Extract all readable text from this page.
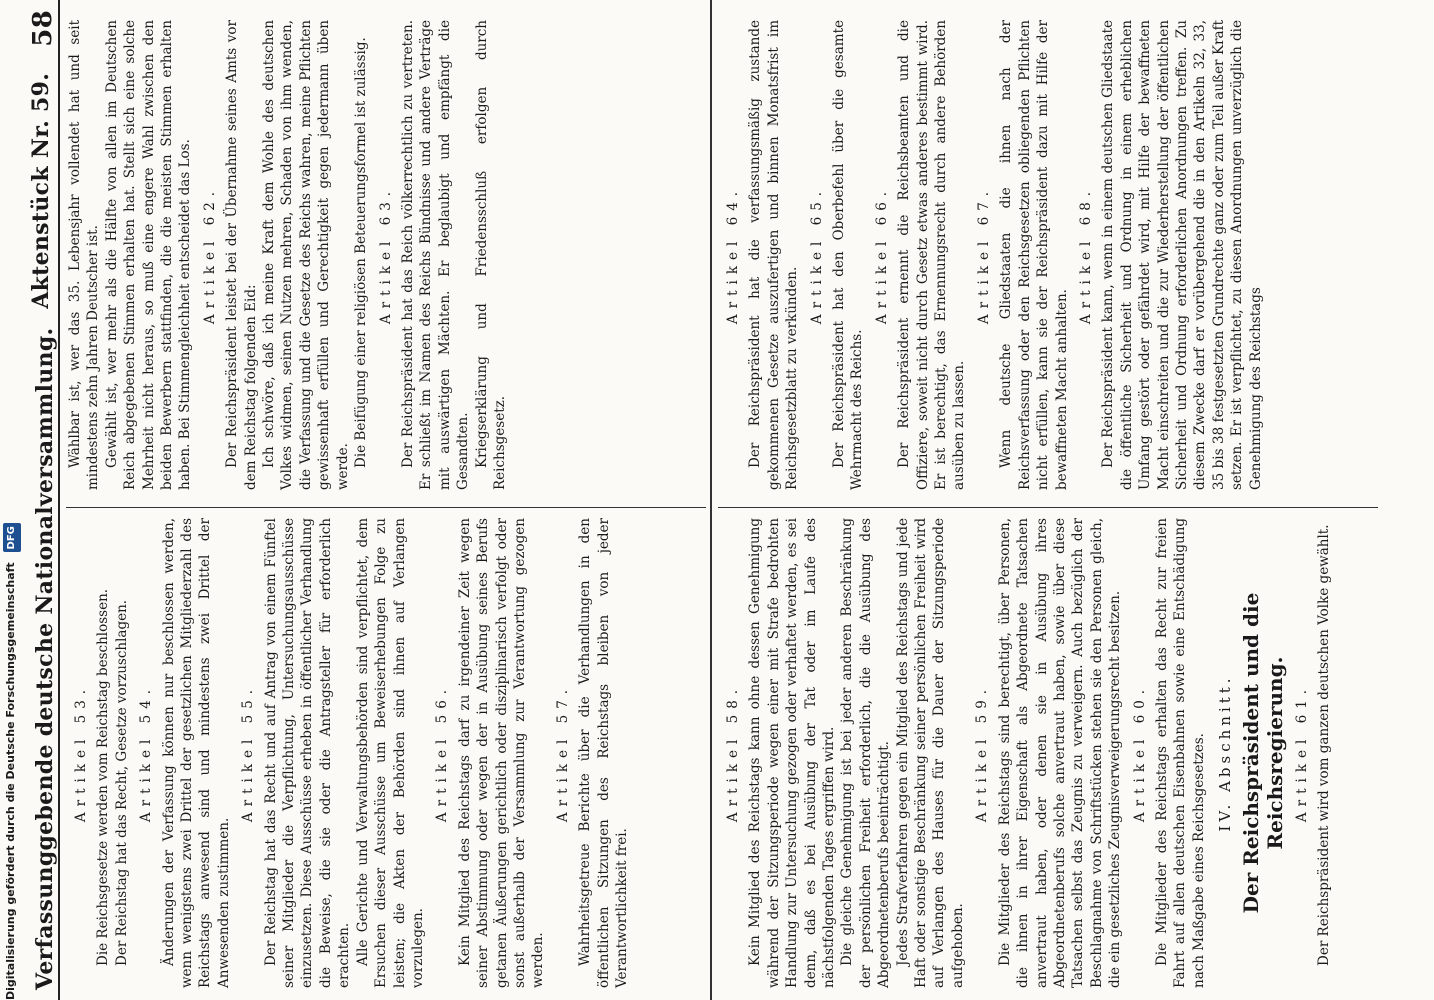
Digitalisierung gefördert durch die Deutsche Forschungsgemeinschaft DFG Verfassunggebende deutsche Nationalversammlung.
Aktenstück Nr. 59.
58
Artikel 53. Die Reichsgesetze werden vom Reichstag beschlossen. Der Reichstag hat das Recht, Gesetze vorzuschlagen. Artikel 54. Änderungen der Verfassung können nur beschlossen werden, wenn wenigstens zwei Drittel der gesetzlichen Mitgliederzahl des Reichstags anwesend sind und mindestens zwei Drittel der Anwesenden zustimmen.

Artikel 55. Der Reichstag hat das Recht und auf Antrag von einem Fünftel seiner Mitglieder die Verpflichtung, Untersuchungsausschüsse einzusetzen. Diese Ausschüsse erheben in öffentlicher Verhandlung die Beweise, die sie oder die Antragsteller für erforderlich erachten. Alle Gerichte und Verwaltungsbehörden sind verpflichtet, dem Ersuchen dieser Ausschüsse um Beweiserhebungen Folge zu leisten; die Akten der Behörden sind ihnen auf Verlangen vorzulegen.

Artikel 56. Kein Mitglied des Reichstags darf zu irgendeiner Zeit wegen seiner Abstimmung oder wegen der in Ausübung seines Berufs getanen Äußerungen gerichtlich oder disziplinarisch verfolgt oder sonst außerhalb der Versammlung zur Verantwortung gezogen werden.

Artikel 57. Wahrheitsgetreue Berichte über die Verhandlungen in den öffentlichen Sitzungen des Reichstags bleiben von jeder Verantwortlichkeit frei.

Wählbar ist, wer das 35. Lebensjahr vollendet hat und seit mindestens zehn Jahren Deutscher ist. Gewählt ist, wer mehr als die Hälfte von allen im Deutschen Reich abgegebenen Stimmen erhalten hat. Stellt sich eine solche Mehrheit nicht heraus, so muß eine engere Wahl zwischen den beiden Bewerbern stattfinden, die die meisten Stimmen erhalten haben. Bei Stimmengleichheit entscheidet das Los. Artikel 62. Der Reichspräsident leistet bei der Übernahme seines Amts vor dem Reichstag folgenden Eid: Ich schwöre, daß ich meine Kraft dem Wohle des deutschen Volkes widmen, seinen Nutzen mehren, Schaden von ihm wenden, die Verfassung und die Gesetze des Reichs wahren, meine Pflichten gewissenhaft erfüllen und Gerechtigkeit gegen jedermann üben werde. Die Beifügung einer religiösen Beteuerungsformel ist zulässig. Artikel 63. Der Reichspräsident hat das Reich völkerrechtlich zu vertreten. Er schließt im Namen des Reichs Bündnisse und andere Verträge mit auswärtigen Mächten. Er beglaubigt und empfängt die Gesandten. Kriegserklärung und Friedensschluß erfolgen durch Reichsgesetz.

Artikel 58. Kein Mitglied des Reichstags kann ohne dessen Genehmigung während der Sitzungsperiode wegen einer mit Strafe bedrohten Handlung zur Untersuchung gezogen oder verhaftet werden, es sei denn, daß es bei Ausübung der Tat oder im Laufe des nächstfolgenden Tages ergriffen wird. Die gleiche Genehmigung ist bei jeder anderen Beschränkung der persönlichen Freiheit erforderlich, die die Ausübung des Abgeordnetenberufs beeinträchtigt. Jedes Strafverfahren gegen ein Mitglied des Reichstags und jede Haft oder sonstige Beschränkung seiner persönlichen Freiheit wird auf Verlangen des Hauses für die Dauer der Sitzungsperiode aufgehoben.

Artikel 59. Die Mitglieder des Reichstags sind berechtigt, über Personen, die ihnen in ihrer Eigenschaft als Abgeordnete Tatsachen anvertraut haben, oder denen sie in Ausübung ihres Abgeordnetenberufs solche anvertraut haben, sowie über diese Tatsachen selbst das Zeugnis zu verweigern. Auch bezüglich der Beschlagnahme von Schriftstücken stehen sie den Personen gleich, die ein gesetzliches Zeugnisverweigerungsrecht besitzen. Artikel 60. Die Mitglieder des Reichstags erhalten das Recht zur freien Fahrt auf allen deutschen Eisenbahnen sowie eine Entschädigung nach Maßgabe eines Reichsgesetzes. IV. Abschnitt. Der Reichspräsident und die Reichsregierung. Artikel 61. Der Reichspräsident wird vom ganzen deutschen Volke gewählt.

Artikel 64. Der Reichspräsident hat die verfassungsmäßig zustande gekommenen Gesetze auszufertigen und binnen Monatsfrist im Reichsgesetzblatt zu verkünden.

Artikel 65. Der Reichspräsident hat den Oberbefehl über die gesamte Wehrmacht des Reichs.

Artikel 66. Der Reichspräsident ernennt die Reichsbeamten und die Offiziere, soweit nicht durch Gesetz etwas anderes bestimmt wird. Er ist berechtigt, das Ernennungsrecht durch andere Behörden ausüben zu lassen.

Artikel 67. Wenn deutsche Gliedstaaten die ihnen nach der Reichsverfassung oder den Reichsgesetzen obliegenden Pflichten nicht erfüllen, kann sie der Reichspräsident dazu mit Hilfe der bewaffneten Macht anhalten.

Artikel 68. Der Reichspräsident kann, wenn in einem deutschen Gliedstaate die öffentliche Sicherheit und Ordnung in einem erheblichen Umfang gestört oder gefährdet wird, mit Hilfe der bewaffneten Macht einschreiten und die zur Wiederherstellung der öffentlichen Sicherheit und Ordnung erforderlichen Anordnungen treffen. Zu diesem Zwecke darf er vorübergehend die in den Artikeln 32, 33, 35 bis 38 festgesetzten Grundrechte ganz oder zum Teil außer Kraft setzen. Er ist verpflichtet, zu diesen Anordnungen unverzüglich die Genehmigung des Reichstags
